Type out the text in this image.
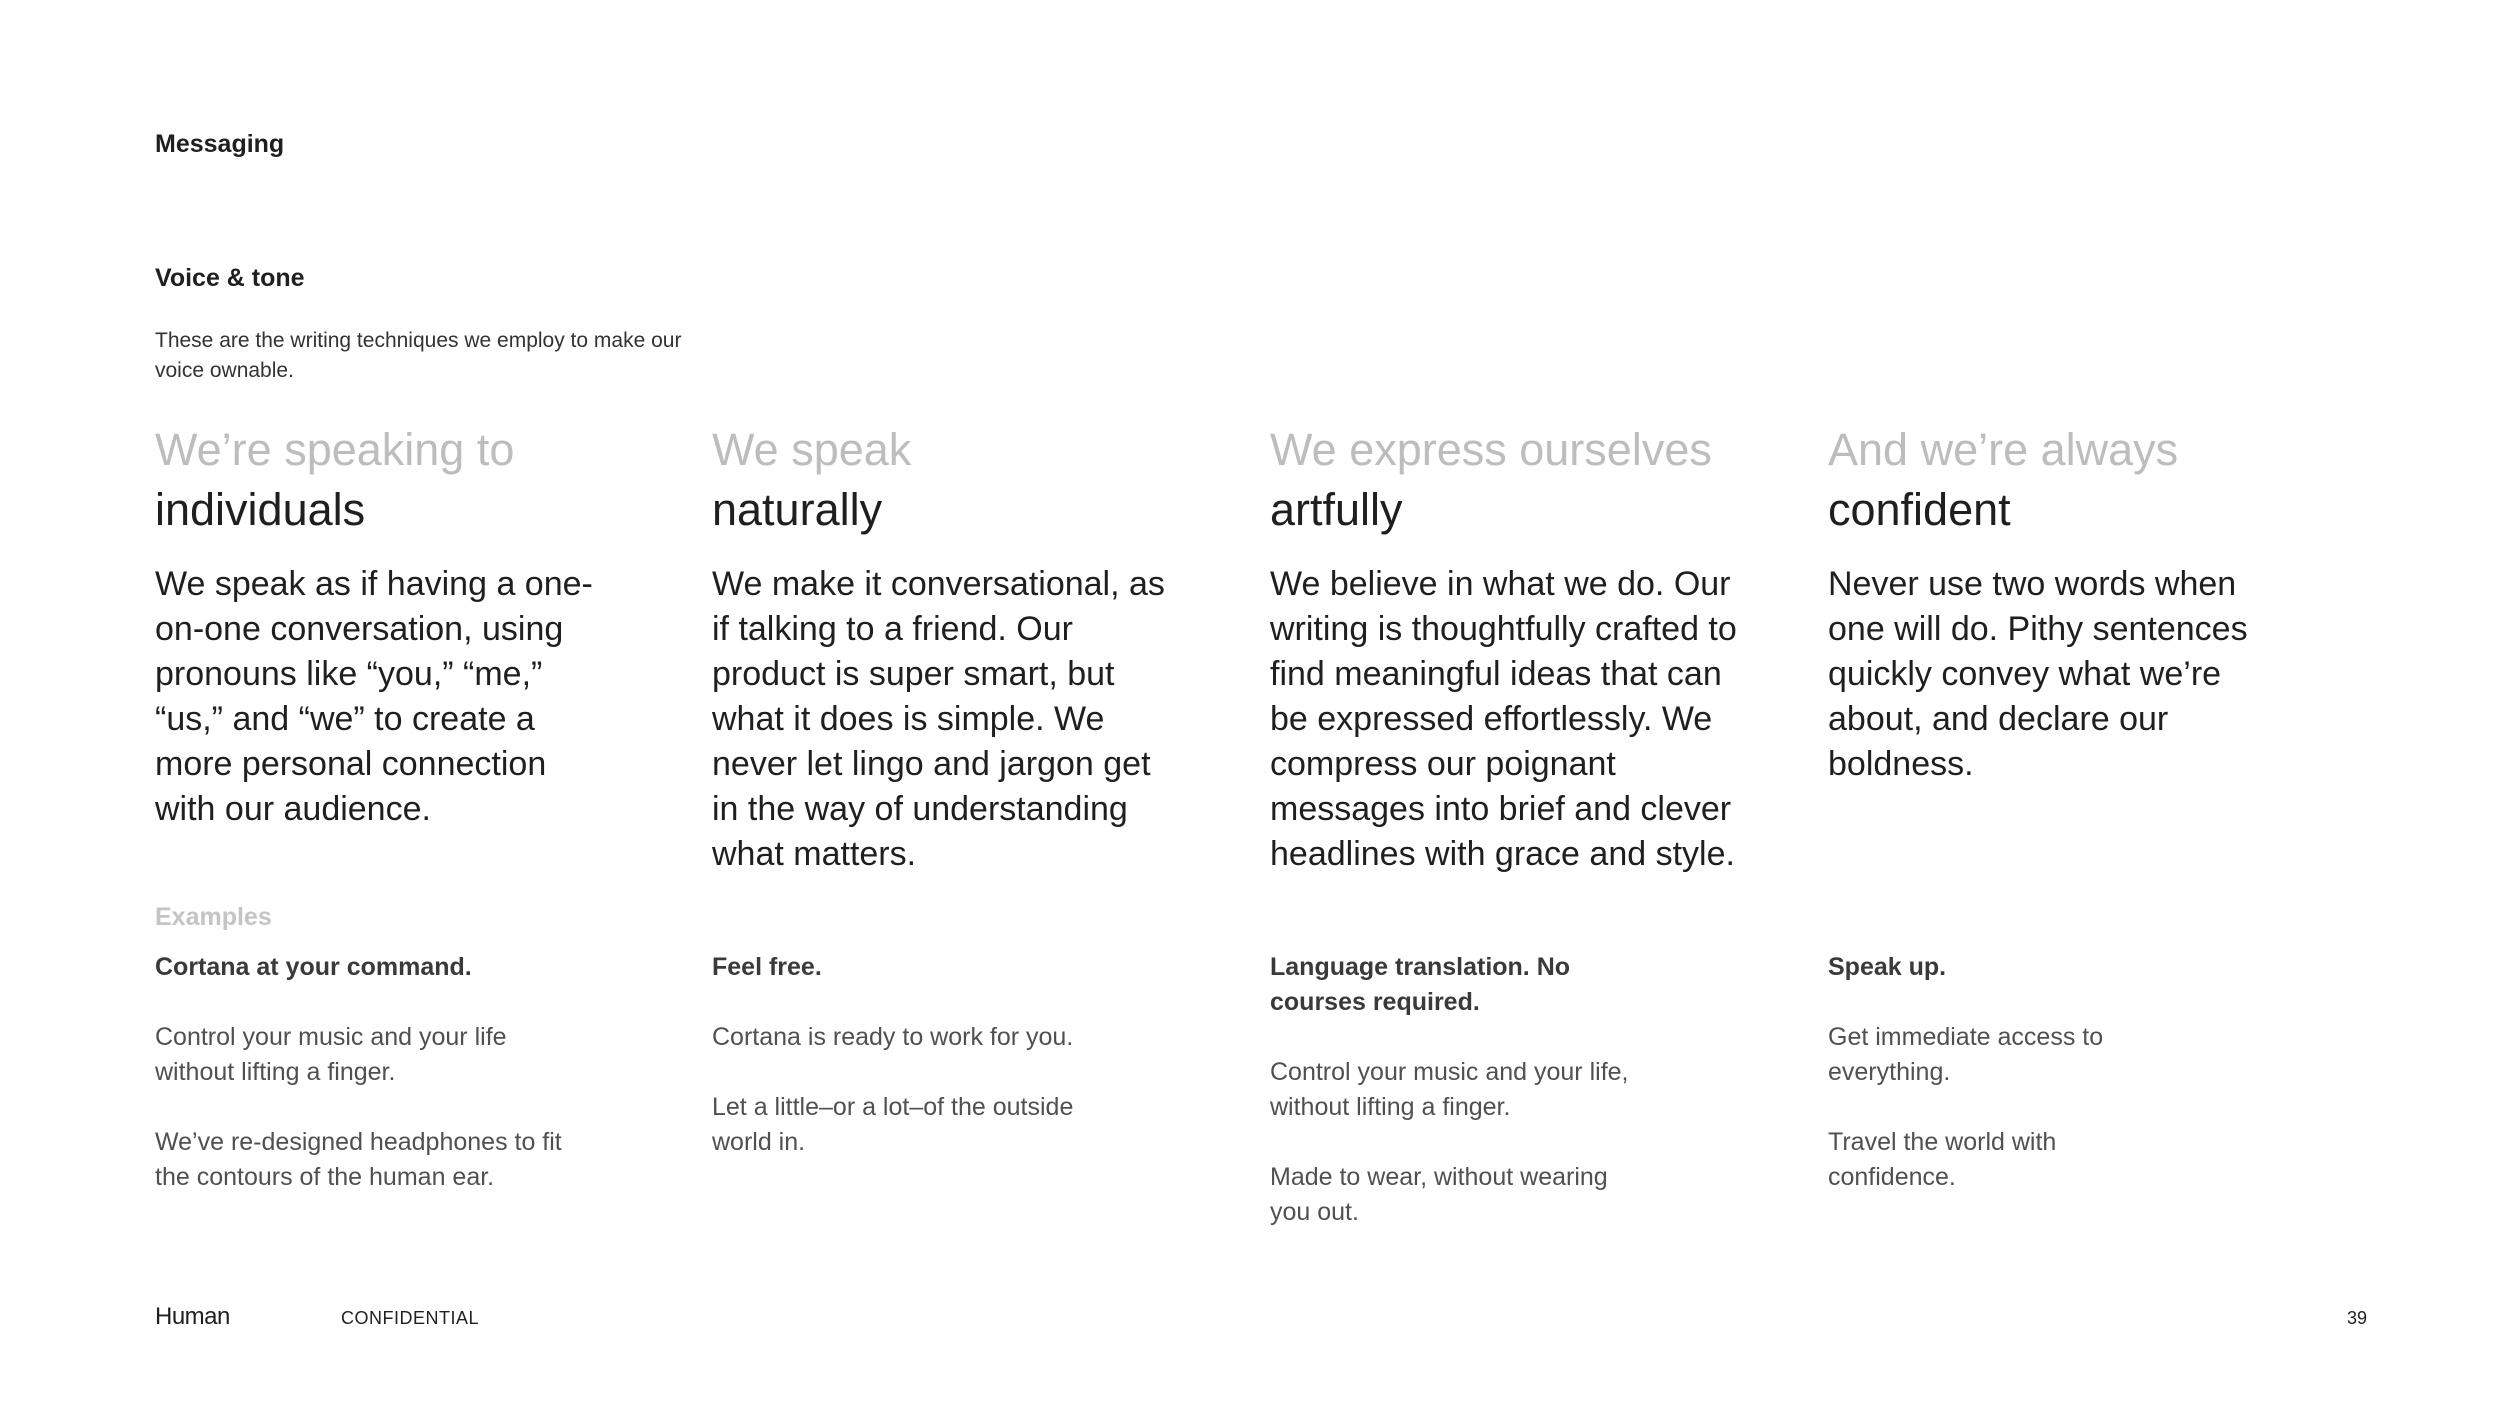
Messaging
Voice & tone
These are the writing techniques we employ to make our voice ownable.
We’re speaking to
individuals

We speak as if having a one-on-one conversation, using pronouns like “you,” “me,” “us,” and “we” to create a more personal connection with our audience.

We speak
naturally

We make it conversational, as if talking to a friend. Our product is super smart, but what it does is simple. We never let lingo and jargon get in the way of understanding what matters.

We express ourselves
artfully

We believe in what we do. Our writing is thoughtfully crafted to find meaningful ideas that can be expressed effortlessly. We compress our poignant messages into brief and clever headlines with grace and style.

And we’re always
confident

Never use two words when one will do. Pithy sentences quickly convey what we’re about, and declare our boldness.

Examples
Cortana at your command.
Control your music and your life without lifting a finger.
We’ve re-designed headphones to fit the contours of the human ear.
Feel free.
Cortana is ready to work for you.
Let a little–or a lot–of the outside world in.
Language translation. No courses required.
Control your music and your life, without lifting a finger.
Made to wear, without wearing you out.
Speak up.
Get immediate access to everything.
Travel the world with confidence.
Human	CONFIDENTIAL	39
